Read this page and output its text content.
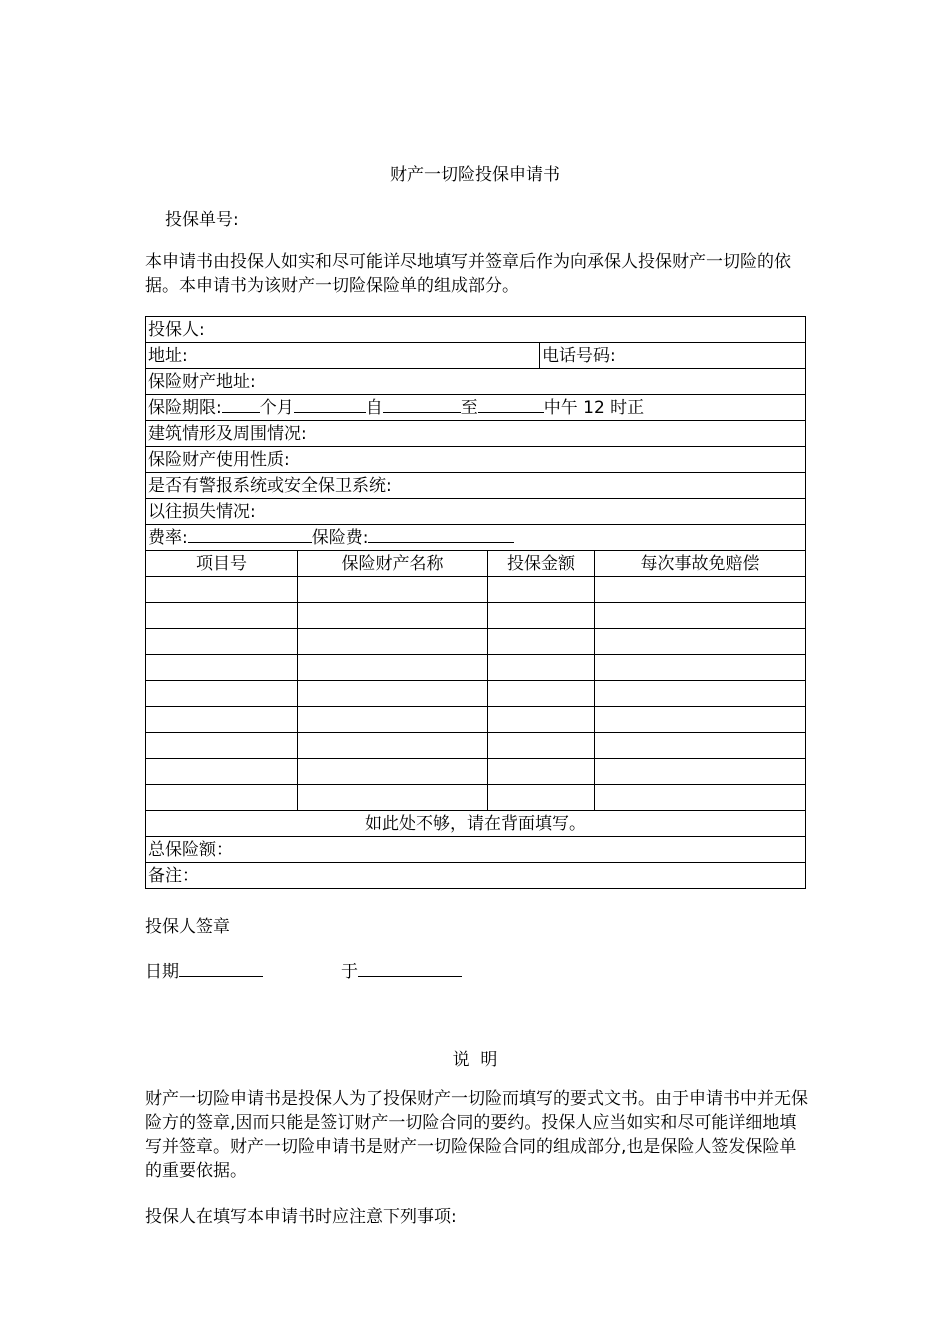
财产一切险投保申请书
投保单号:
本申请书由投保人如实和尽可能详尽地填写并签章后作为向承保人投保财产一切险的依据。本申请书为该财产一切险保险单的组成部分。
投保人:				
地址:			电话号码:	
保险财产地址:				
保险期限: 个月 自 至 中午 12 时正				
建筑情形及周围情况:				
保险财产使用性质:				
是否有警报系统或安全保卫系统:				
以往损失情况:				
费率: 保险费:				
项目号	保险财产名称	投保金额		每次事故免赔偿

如此处不够，请在背面填写。				
总保险额：				
备注：				
投保人签章
日期	于
说  明
财产一切险申请书是投保人为了投保财产一切险而填写的要式文书。由于申请书中并无保险方的签章,因而只能是签订财产一切险合同的要约。投保人应当如实和尽可能详细地填写并签章。财产一切险申请书是财产一切险保险合同的组成部分,也是保险人签发保险单的重要依据。
投保人在填写本申请书时应注意下列事项:
